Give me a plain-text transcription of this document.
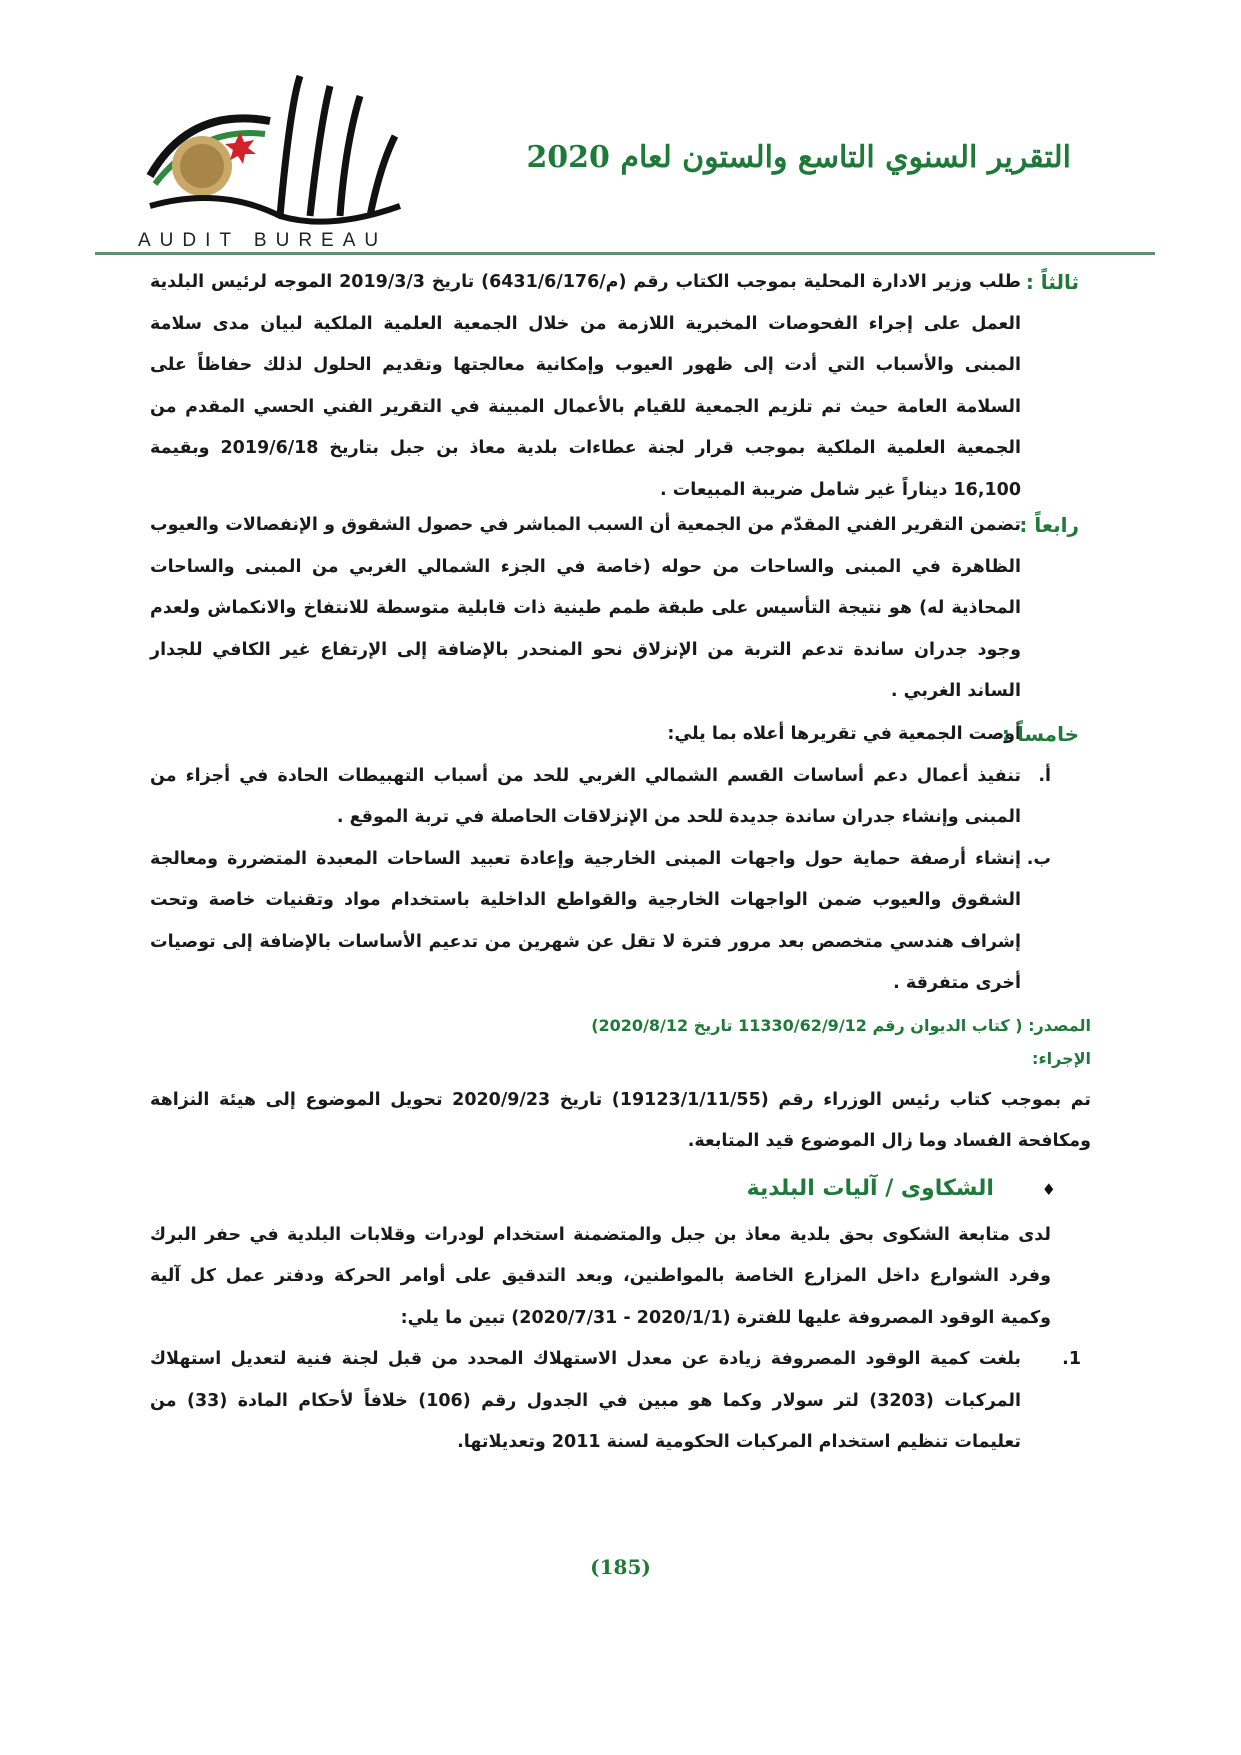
AUDIT BUREAU
التقرير السنوي التاسع والستون لعام 2020
ثالثاً :
طلب وزير الادارة المحلية بموجب الكتاب رقم (م/6431/6/176) تاريخ 2019/3/3 الموجه لرئيس البلدية العمل على إجراء الفحوصات المخبرية اللازمة من خلال الجمعية العلمية الملكية لبيان مدى سلامة المبنى والأسباب التي أدت إلى ظهور العيوب وإمكانية معالجتها وتقديم الحلول لذلك حفاظاً على السلامة العامة حيث تم تلزيم الجمعية للقيام بالأعمال المبينة في التقرير الفني الحسي المقدم من الجمعية العلمية الملكية بموجب قرار لجنة عطاءات بلدية معاذ بن جبل بتاريخ 2019/6/18 وبقيمة 16,100 ديناراً غير شامل ضريبة المبيعات .
رابعاً :
تضمن التقرير الفني المقدّم من الجمعية أن السبب المباشر في حصول الشقوق و الإنفصالات والعيوب الظاهرة في المبنى والساحات من حوله (خاصة في الجزء الشمالي الغربي من المبنى والساحات المحاذية له) هو نتيجة التأسيس على طبقة طمم طينية ذات قابلية متوسطة للانتفاخ والانكماش ولعدم وجود جدران ساندة تدعم التربة من الإنزلاق نحو المنحدر بالإضافة إلى الإرتفاع غير الكافي للجدار الساند الغربي .
خامساً :
أوصت الجمعية في تقريرها أعلاه بما يلي:
أ.
تنفيذ أعمال دعم أساسات القسم الشمالي الغربي للحد من أسباب التهبيطات الحادة في أجزاء من المبنى وإنشاء جدران ساندة جديدة للحد من الإنزلاقات الحاصلة في تربة الموقع .
ب.
إنشاء أرصفة حماية حول واجهات المبنى الخارجية وإعادة تعبيد الساحات المعبدة المتضررة ومعالجة الشقوق والعيوب ضمن الواجهات الخارجية والقواطع الداخلية باستخدام مواد وتقنيات خاصة وتحت إشراف هندسي متخصص بعد مرور فترة لا تقل عن شهرين من تدعيم الأساسات بالإضافة إلى توصيات أخرى متفرقة .
المصدر: ( كتاب الديوان رقم 11330/62/9/12 تاريخ 2020/8/12)
الإجراء:
تم بموجب كتاب رئيس الوزراء رقم (19123/1/11/55) تاريخ 2020/9/23 تحويل الموضوع إلى هيئة النزاهة ومكافحة الفساد وما زال الموضوع قيد المتابعة.
♦ الشكاوى / آليات البلدية
لدى متابعة الشكوى بحق بلدية معاذ بن جبل والمتضمنة استخدام لودرات وقلابات البلدية في حفر البرك وفرد الشوارع داخل المزارع الخاصة بالمواطنين، وبعد التدقيق على أوامر الحركة ودفتر عمل كل آلية وكمية الوقود المصروفة عليها للفترة (2020/1/1 - 2020/7/31) تبين ما يلي:
1.
بلغت كمية الوقود المصروفة زيادة عن معدل الاستهلاك المحدد من قبل لجنة فنية لتعديل استهلاك المركبات (3203) لتر سولار وكما هو مبين في الجدول رقم (106) خلافاً لأحكام المادة (33) من تعليمات تنظيم استخدام المركبات الحكومية لسنة 2011 وتعديلاتها.
(185)
